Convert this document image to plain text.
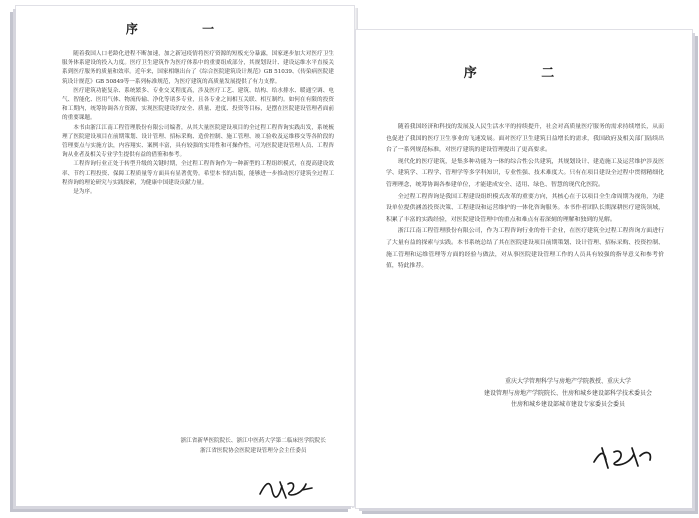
序 一

随着我国人口老龄化进程不断加速，加之新冠疫情将医疗资源的短板充分暴露，国家逐步加大对医疗卫生服务体系建设的投入力度。医疗卫生建筑作为医疗体系中的重要组成部分，其规划设计、建设运维水平直接关系到医疗服务的质量和效率。近年来，国家相继出台了《综合医院建筑设计规范》GB 51039、《传染病医院建筑设计规范》GB 50849等一系列标准规范，为医疗建筑的高质量发展提供了有力支撑。

医疗建筑功能复杂、系统繁多、专业交叉程度高，涉及医疗工艺、建筑、结构、给水排水、暖通空调、电气、智能化、医用气体、物流传输、净化等诸多专业，且各专业之间相互关联、相互制约。如何在有限的投资和工期内，统筹协调各方资源，实现医院建设的安全、质量、进度、投资等目标，是摆在医院建设管理者面前的重要课题。

本书由浙江江南工程管理股份有限公司编著，从其大量医院建设项目的全过程工程咨询实践出发，系统梳理了医院建设项目在前期策划、设计管理、招标采购、造价控制、施工管理、竣工验收及运维移交等各阶段的管理要点与实施方法，内容翔实、案例丰富，具有较强的实用性和可操作性，可为医院建设管理人员、工程咨询从业者及相关专业学生提供有益的借鉴和参考。

工程咨询行业正处于转型升级的关键时期，全过程工程咨询作为一种新型的工程组织模式，在提高建设效率、节约工程投资、保障工程质量等方面具有显著优势。希望本书的出版，能够进一步推动医疗建筑全过程工程咨询的理论研究与实践探索，为健康中国建设贡献力量。

是为序。

浙江省新华医院院长、浙江中医药大学第二临床医学院院长
浙江省医院协会医院建设管理分会主任委员
序 二

随着我国经济和科技的发展及人民生活水平的持续提升，社会对高质量医疗服务的需求持续增长，从而也促进了我国的医疗卫生事业的飞速发展。面对医疗卫生建筑日益增长的需求，我国政府及相关部门陆续出台了一系列规范标准，对医疗建筑的建设管理提出了更高要求。

现代化的医疗建筑，是集多种功能为一体的综合性公共建筑，其规划设计、建造施工及运营维护涉及医学、建筑学、工程学、管理学等多学科知识，专业性强、技术难度大。只有在项目建设全过程中贯彻精细化管理理念，统筹协调各参建单位，才能建成安全、适用、绿色、智慧的现代化医院。

全过程工程咨询是我国工程建设组织模式改革的重要方向，其核心在于以项目全生命周期为视角，为建设单位提供涵盖投资决策、工程建设和运营维护的一体化咨询服务。本书作者团队长期深耕医疗建筑领域，积累了丰富的实践经验，对医院建设管理中的重点和难点有着深刻的理解和独到的见解。

浙江江南工程管理股份有限公司，作为工程咨询行业的骨干企业，在医疗建筑全过程工程咨询方面进行了大量有益的探索与实践。本书系统总结了其在医院建设项目前期策划、设计管理、招标采购、投资控制、施工管理和运维管理等方面的经验与做法，对从事医院建设管理工作的人员具有较强的指导意义和参考价值，特此推荐。

重庆大学管理科学与房地产学院教授、重庆大学
建设管理与房地产学院院长、住房和城乡建设部科学技术委员会
住房和城乡建设部城市建设专家委员会委员
